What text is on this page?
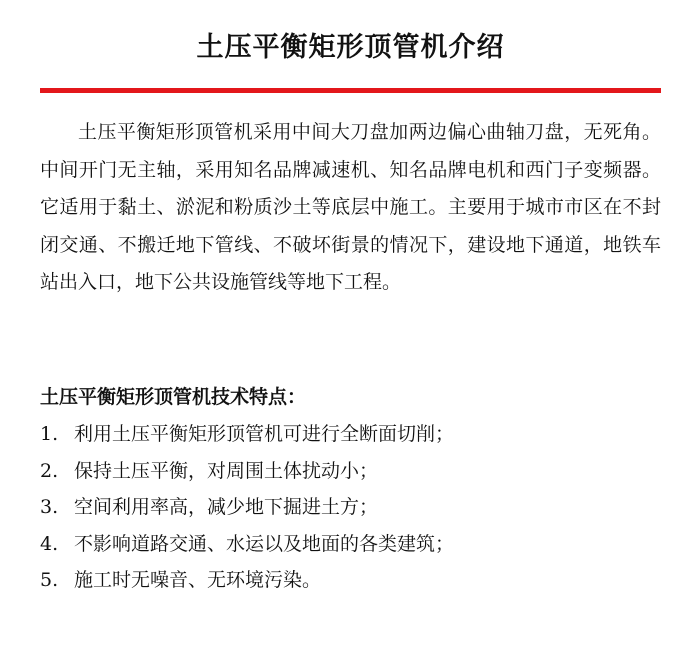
土压平衡矩形顶管机介绍

土压平衡矩形顶管机采用中间大刀盘加两边偏心曲轴刀盘，无死角。中间开门无主轴，采用知名品牌减速机、知名品牌电机和西门子变频器。它适用于黏土、淤泥和粉质沙土等底层中施工。主要用于城市市区在不封闭交通、不搬迁地下管线、不破坏街景的情况下，建设地下通道，地铁车站出入口，地下公共设施管线等地下工程。

土压平衡矩形顶管机技术特点：
1. 利用土压平衡矩形顶管机可进行全断面切削；
2. 保持土压平衡，对周围土体扰动小；
3. 空间利用率高，减少地下掘进土方；
4. 不影响道路交通、水运以及地面的各类建筑；
5. 施工时无噪音、无环境污染。
